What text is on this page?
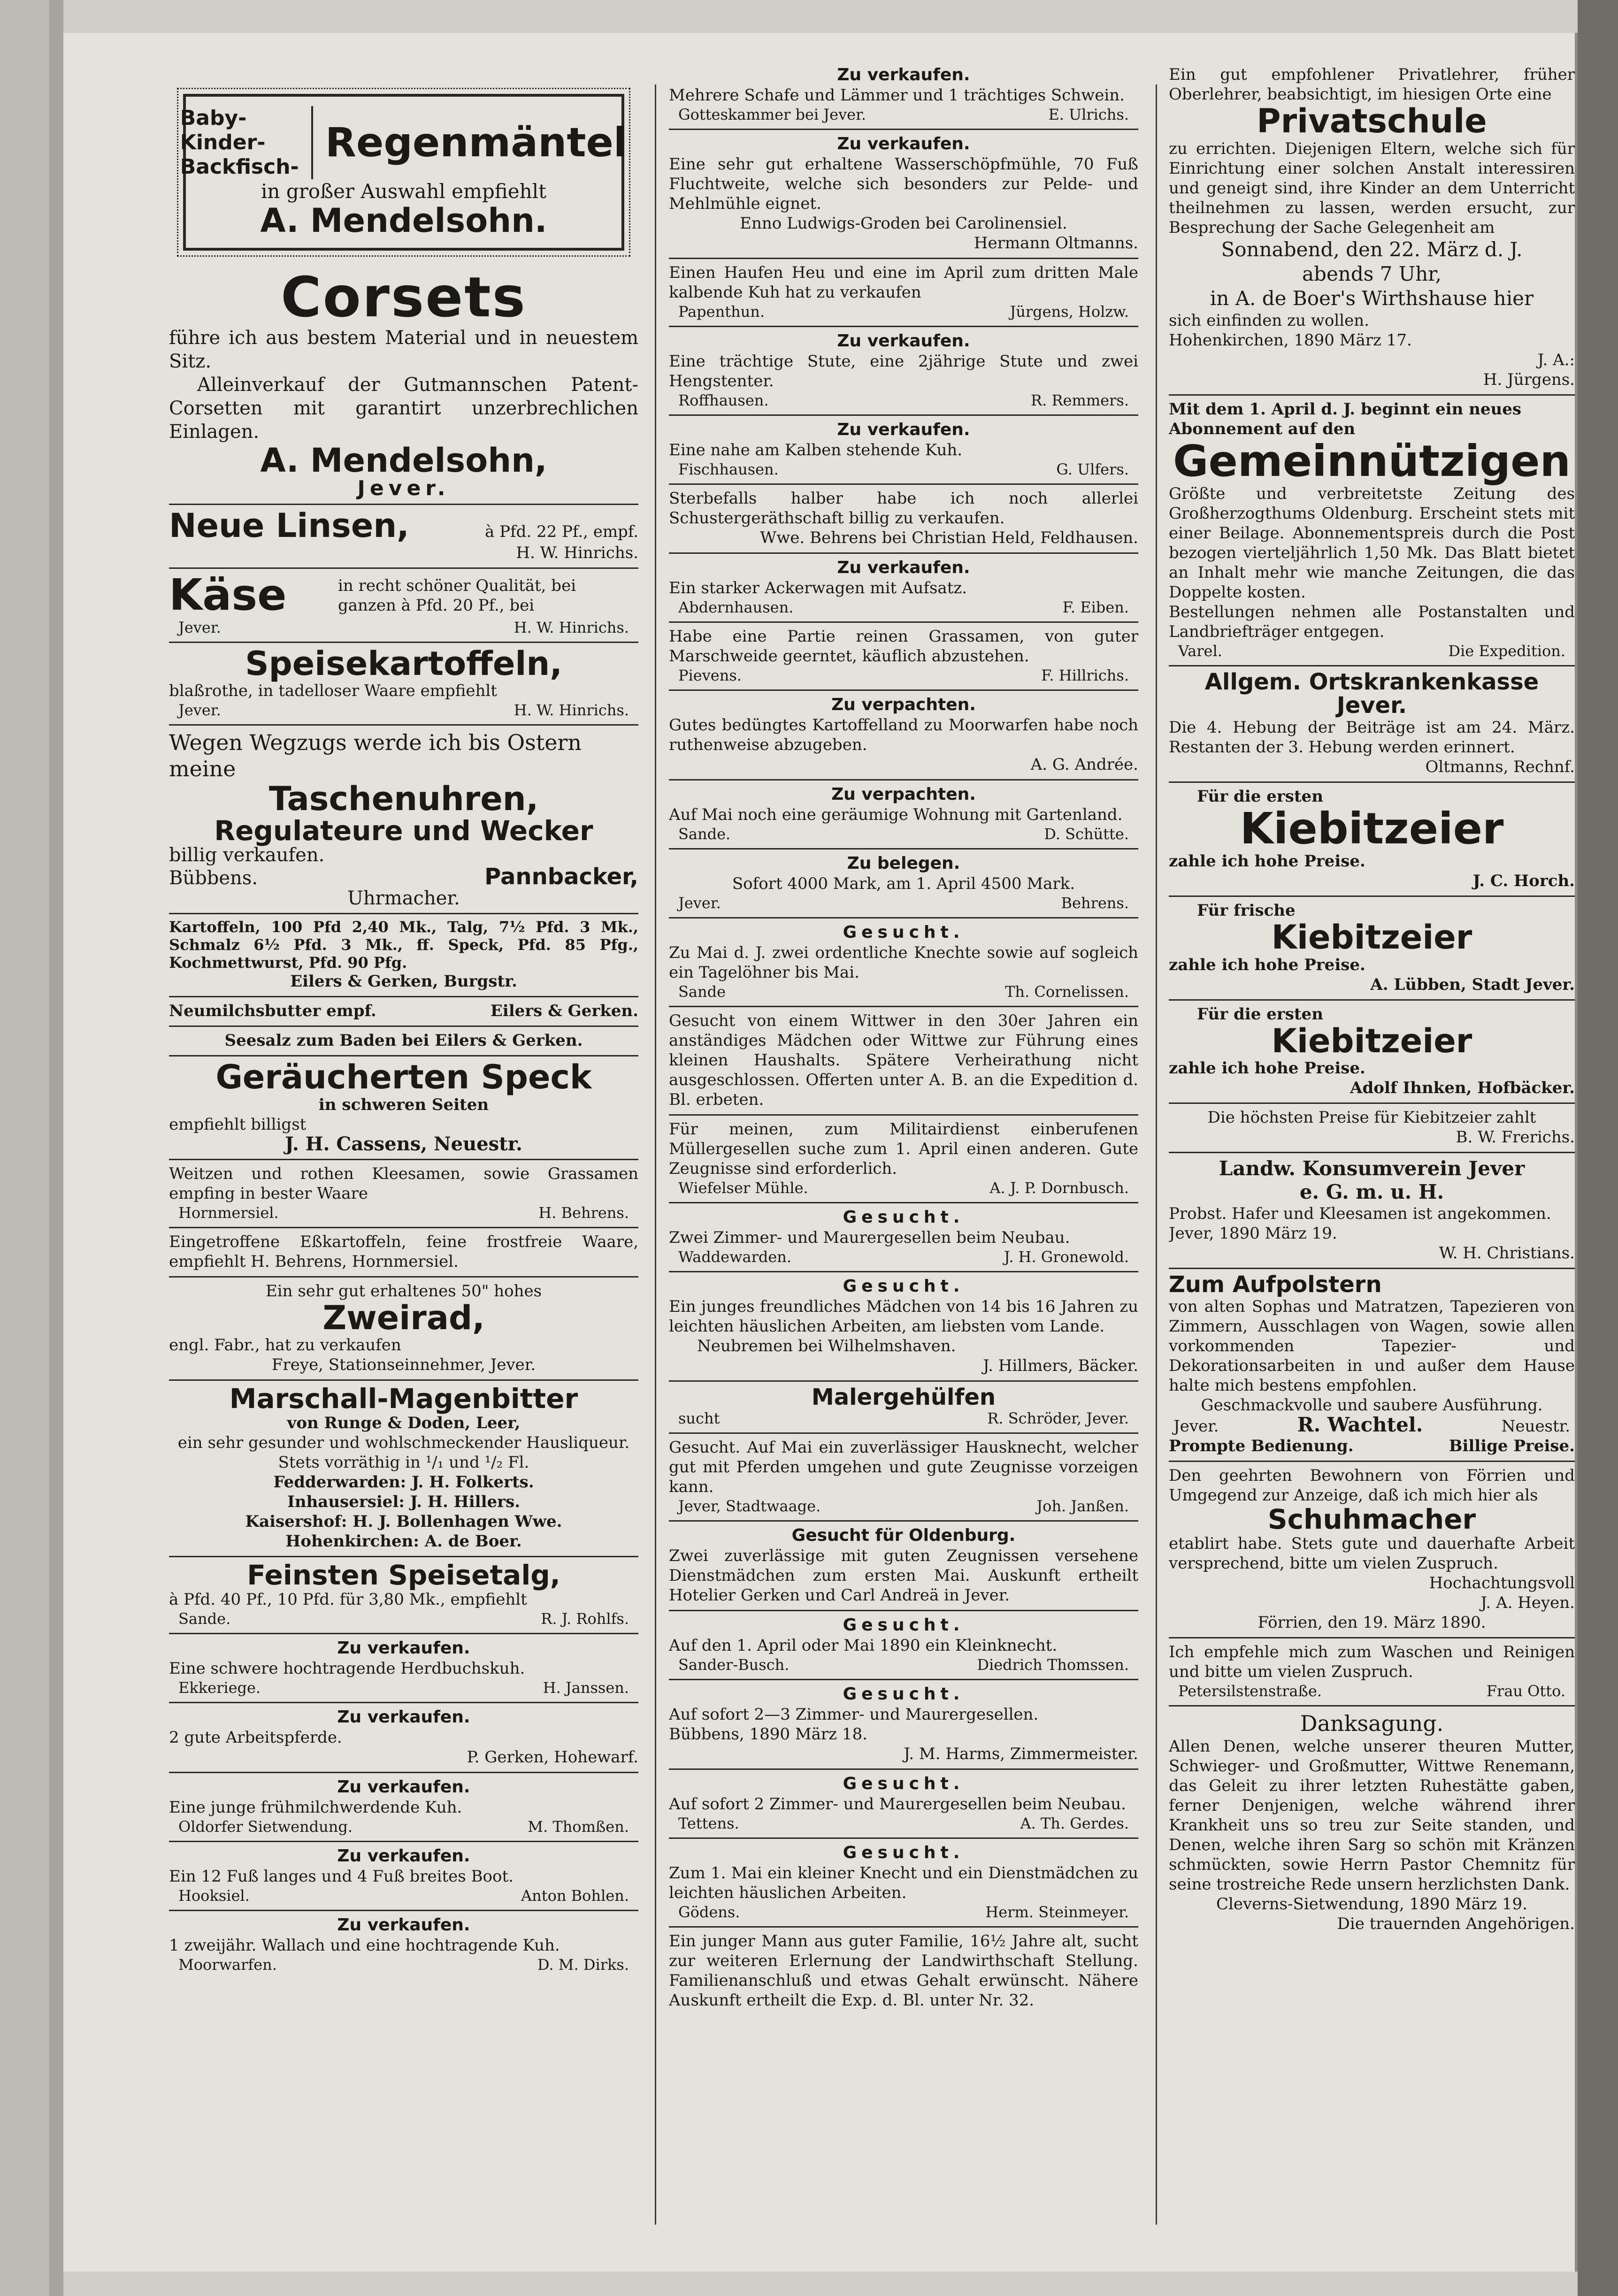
Baby-
Kinder-
Backfisch-
Regenmäntel
in großer Auswahl empfiehlt
A. Mendelsohn.
Corsets
führe ich aus bestem Material und in neuestem Sitz.
Alleinverkauf der Gutmannschen Patent-Corsetten mit garantirt unzerbrechlichen Einlagen.
A. Mendelsohn,
Jever.
Neue Linsen,	à Pfd. 22 Pf., empf.
H. W. Hinrichs.
Käse	in recht schöner Qualität, bei ganzen à Pfd. 20 Pf., bei
Jever.	H. W. Hinrichs.
Speisekartoffeln,
blaßrothe, in tadelloser Waare empfiehlt
Jever.	H. W. Hinrichs.
Wegen Wegzugs werde ich bis Ostern meine
Taschenuhren,
Regulateure und Wecker
billig verkaufen.
Bübbens.	Pannbacker,
Uhrmacher.
Kartoffeln, 100 Pfd 2,40 Mk., Talg, 7½ Pfd. 3 Mk., Schmalz 6½ Pfd. 3 Mk., ff. Speck, Pfd. 85 Pfg., Kochmettwurst, Pfd. 90 Pfg.
Eilers & Gerken, Burgstr.
Neumilchsbutter empf.	Eilers & Gerken.
Seesalz zum Baden bei Eilers & Gerken.
Geräucherten Speck
in schweren Seiten
empfiehlt billigst
J. H. Cassens, Neuestr.
Weitzen und rothen Kleesamen, sowie Grassamen empfing in bester Waare
Hornmersiel.	H. Behrens.
Eingetroffene Eßkartoffeln, feine frostfreie Waare, empfiehlt H. Behrens, Hornmersiel.
Ein sehr gut erhaltenes 50" hohes
Zweirad,
engl. Fabr., hat zu verkaufen
Freye, Stationseinnehmer, Jever.
Marschall-Magenbitter
von Runge & Doden, Leer,
ein sehr gesunder und wohlschmeckender Hausliqueur. Stets vorräthig in ¹/₁ und ¹/₂ Fl.
Fedderwarden: J. H. Folkerts.
Inhausersiel: J. H. Hillers.
Kaisershof: H. J. Bollenhagen Wwe.
Hohenkirchen: A. de Boer.
Feinsten Speisetalg,
à Pfd. 40 Pf., 10 Pfd. für 3,80 Mk., empfiehlt
Sande.	R. J. Rohlfs.
Zu verkaufen.
Eine schwere hochtragende Herdbuchskuh.
Ekkeriege.	H. Janssen.
Zu verkaufen.
2 gute Arbeitspferde.
P. Gerken, Hohewarf.
Zu verkaufen.
Eine junge frühmilchwerdende Kuh.
Oldorfer Sietwendung.	M. Thomßen.
Zu verkaufen.
Ein 12 Fuß langes und 4 Fuß breites Boot.
Hooksiel.	Anton Bohlen.
Zu verkaufen.
1 zweijähr. Wallach und eine hochtragende Kuh.
Moorwarfen.	D. M. Dirks.
Zu verkaufen.
Mehrere Schafe und Lämmer und 1 trächtiges Schwein.
Gotteskammer bei Jever.	E. Ulrichs.
Zu verkaufen.
Eine sehr gut erhaltene Wasserschöpfmühle, 70 Fuß Fluchtweite, welche sich besonders zur Pelde- und Mehlmühle eignet.
Enno Ludwigs-Groden bei Carolinensiel.
Hermann Oltmanns.
Einen Haufen Heu und eine im April zum dritten Male kalbende Kuh hat zu verkaufen
Papenthun.	Jürgens, Holzw.
Zu verkaufen.
Eine trächtige Stute, eine 2jährige Stute und zwei Hengstenter.
Roffhausen.	R. Remmers.
Zu verkaufen.
Eine nahe am Kalben stehende Kuh.
Fischhausen.	G. Ulfers.
Sterbefalls halber habe ich noch allerlei Schustergeräthschaft billig zu verkaufen.
Wwe. Behrens bei Christian Held, Feldhausen.
Zu verkaufen.
Ein starker Ackerwagen mit Aufsatz.
Abdernhausen.	F. Eiben.
Habe eine Partie reinen Grassamen, von guter Marschweide geerntet, käuflich abzustehen.
Pievens.	F. Hillrichs.
Zu verpachten.
Gutes bedüngtes Kartoffelland zu Moorwarfen habe noch ruthenweise abzugeben.
A. G. Andrée.
Zu verpachten.
Auf Mai noch eine geräumige Wohnung mit Gartenland.
Sande.	D. Schütte.
Zu belegen.
Sofort 4000 Mark, am 1. April 4500 Mark.
Jever.	Behrens.
Gesucht.
Zu Mai d. J. zwei ordentliche Knechte sowie auf sogleich ein Tagelöhner bis Mai.
Sande	Th. Cornelissen.
Gesucht von einem Wittwer in den 30er Jahren ein anständiges Mädchen oder Wittwe zur Führung eines kleinen Haushalts. Spätere Verheirathung nicht ausgeschlossen. Offerten unter A. B. an die Expedition d. Bl. erbeten.
Für meinen, zum Militairdienst einberufenen Müllergesellen suche zum 1. April einen anderen. Gute Zeugnisse sind erforderlich.
Wiefelser Mühle.	A. J. P. Dornbusch.
Gesucht.
Zwei Zimmer- und Maurergesellen beim Neubau.
Waddewarden.	J. H. Gronewold.
Gesucht.
Ein junges freundliches Mädchen von 14 bis 16 Jahren zu leichten häuslichen Arbeiten, am liebsten vom Lande.
Neubremen bei Wilhelmshaven.
J. Hillmers, Bäcker.
Malergehülfen
sucht	R. Schröder, Jever.
Gesucht. Auf Mai ein zuverlässiger Hausknecht, welcher gut mit Pferden umgehen und gute Zeugnisse vorzeigen kann.
Jever, Stadtwaage.	Joh. Janßen.
Gesucht für Oldenburg.
Zwei zuverlässige mit guten Zeugnissen versehene Dienstmädchen zum ersten Mai. Auskunft ertheilt Hotelier Gerken und Carl Andreä in Jever.
Gesucht.
Auf den 1. April oder Mai 1890 ein Kleinknecht.
Sander-Busch.	Diedrich Thomssen.
Gesucht.
Auf sofort 2—3 Zimmer- und Maurergesellen.
Bübbens, 1890 März 18.
J. M. Harms, Zimmermeister.
Gesucht.
Auf sofort 2 Zimmer- und Maurergesellen beim Neubau.
Tettens.	A. Th. Gerdes.
Gesucht.
Zum 1. Mai ein kleiner Knecht und ein Dienstmädchen zu leichten häuslichen Arbeiten.
Gödens.	Herm. Steinmeyer.
Ein junger Mann aus guter Familie, 16½ Jahre alt, sucht zur weiteren Erlernung der Landwirthschaft Stellung. Familienanschluß und etwas Gehalt erwünscht. Nähere Auskunft ertheilt die Exp. d. Bl. unter Nr. 32.
Ein gut empfohlener Privatlehrer, früher Oberlehrer, beabsichtigt, im hiesigen Orte eine
Privatschule
zu errichten. Diejenigen Eltern, welche sich für Einrichtung einer solchen Anstalt interessiren und geneigt sind, ihre Kinder an dem Unterricht theilnehmen zu lassen, werden ersucht, zur Besprechung der Sache Gelegenheit am
Sonnabend, den 22. März d. J.
abends 7 Uhr,
in A. de Boer's Wirthshause hier
sich einfinden zu wollen.
Hohenkirchen, 1890 März 17.
J. A.:
H. Jürgens.
Mit dem 1. April d. J. beginnt ein neues Abonnement auf den
Gemeinnützigen
Größte und verbreitetste Zeitung des Großherzogthums Oldenburg. Erscheint stets mit einer Beilage. Abonnementspreis durch die Post bezogen vierteljährlich 1,50 Mk. Das Blatt bietet an Inhalt mehr wie manche Zeitungen, die das Doppelte kosten.
Bestellungen nehmen alle Postanstalten und Landbriefträger entgegen.
Varel.	Die Expedition.
Allgem. Ortskrankenkasse Jever.
Die 4. Hebung der Beiträge ist am 24. März. Restanten der 3. Hebung werden erinnert.
Oltmanns, Rechnf.
Für die ersten
Kiebitzeier
zahle ich hohe Preise.
J. C. Horch.
Für frische
Kiebitzeier
zahle ich hohe Preise.
A. Lübben, Stadt Jever.
Für die ersten
Kiebitzeier
zahle ich hohe Preise.
Adolf Ihnken, Hofbäcker.
Die höchsten Preise für Kiebitzeier zahlt
B. W. Frerichs.
Landw. Konsumverein Jever
e. G. m. u. H.
Probst. Hafer und Kleesamen ist angekommen.
Jever, 1890 März 19.
W. H. Christians.
Zum Aufpolstern
von alten Sophas und Matratzen, Tapezieren von Zimmern, Ausschlagen von Wagen, sowie allen vorkommenden Tapezier- und Dekorationsarbeiten in und außer dem Hause halte mich bestens empfohlen.
Geschmackvolle und saubere Ausführung.
Jever.	R. Wachtel.	Neuestr.
Prompte Bedienung.	Billige Preise.
Den geehrten Bewohnern von Förrien und Umgegend zur Anzeige, daß ich mich hier als
Schuhmacher
etablirt habe. Stets gute und dauerhafte Arbeit versprechend, bitte um vielen Zuspruch.
Hochachtungsvoll
J. A. Heyen.
Förrien, den 19. März 1890.
Ich empfehle mich zum Waschen und Reinigen und bitte um vielen Zuspruch.
Petersilstenstraße.	Frau Otto.
Danksagung.
Allen Denen, welche unserer theuren Mutter, Schwieger- und Großmutter, Wittwe Renemann, das Geleit zu ihrer letzten Ruhestätte gaben, ferner Denjenigen, welche während ihrer Krankheit uns so treu zur Seite standen, und Denen, welche ihren Sarg so schön mit Kränzen schmückten, sowie Herrn Pastor Chemnitz für seine trostreiche Rede unsern herzlichsten Dank.
Cleverns-Sietwendung, 1890 März 19.
Die trauernden Angehörigen.
